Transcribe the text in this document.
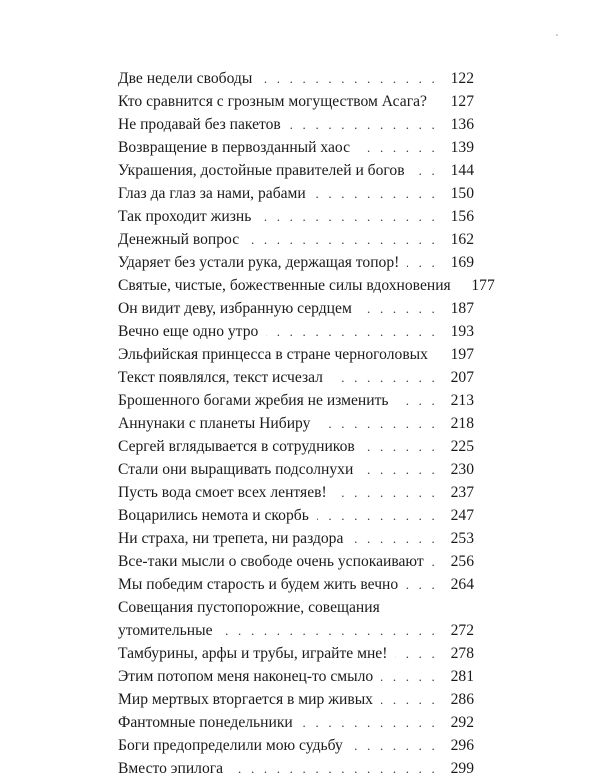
Две недели свободы . . .	122
Кто сравнится с грозным могуществом Асага? . . .	127
Не продавай без пакетов . . .	136
Возвращение в первозданный хаос . . .	139
Украшения, достойные правителей и богов . . .	144
Глаз да глаз за нами, рабами . . .	150
Так проходит жизнь . . .	156
Денежный вопрос . . .	162
Ударяет без устали рука, держащая топор! . . .	169
Святые, чистые, божественные силы вдохновения . . .	177
Он видит деву, избранную сердцем . . .	187
Вечно еще одно утро . . .	193
Эльфийская принцесса в стране черноголовых . . .	197
Текст появлялся, текст исчезал . . .	207
Брошенного богами жребия не изменить . . .	213
Аннунаки с планеты Нибиру . . .	218
Сергей вглядывается в сотрудников . . .	225
Стали они выращивать подсолнухи . . .	230
Пусть вода смоет всех лентяев! . . .	237
Воцарились немота и скорбь . . .	247
Ни страха, ни трепета, ни раздора . . .	253
Все-таки мысли о свободе очень успокаивают . . .	256
Мы победим старость и будем жить вечно . . .	264
Совещания пустопорожние, совещания
утомительные . . .	272
Тамбурины, арфы и трубы, играйте мне! . . .	278
Этим потопом меня наконец-то смыло . . .	281
Мир мертвых вторгается в мир живых . . .	286
Фантомные понедельники . . .	292
Боги предопределили мою судьбу . . .	296
Вместо эпилога . . .	299
